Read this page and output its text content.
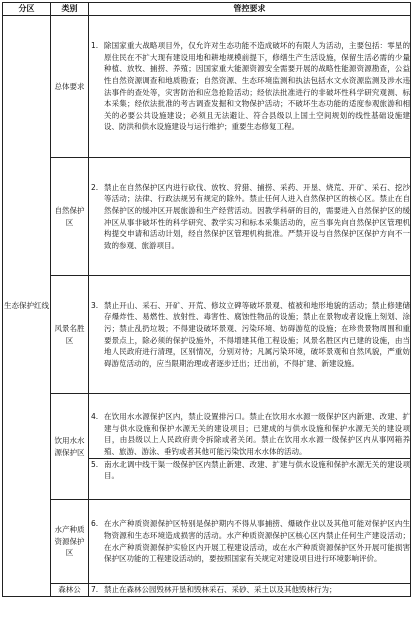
分区	类别	管控要求
生态保护红线	总体要求	1. 除国家重大战略项目外，仅允许对生态功能不造成破坏的有限人为活动，主要包括：零星的原住民在不扩大现有建设用地和耕地规模前提下，修缮生产生活设施，保留生活必需的少量种植、放牧、捕捞、养殖；因国家重大能源资源安全需要开展的战略性能源资源勘查，公益性自然资源调查和地质勘查；自然资源、生态环境监测和执法包括水文水资源监测及涉水违法事件的查处等，灾害防治和应急抢险活动；经依法批准进行的非破坏性科学研究观测、标本采集；经依法批准的考古调查发掘和文物保护活动；不破坏生态功能的适度参观旅游和相关的必要公共设施建设；必须且无法避让、符合县级以上国土空间规划的线性基础设施建设、防洪和供水设施建设与运行维护；重要生态修复工程。

	自然保护区	2. 禁止在自然保护区内进行砍伐、放牧、狩猎、捕捞、采药、开垦、烧荒、开矿、采石、挖沙等活动；法律、行政法规另有规定的除外。禁止任何人进入自然保护区的核心区。禁止在自然保护区的缓冲区开展旅游和生产经营活动。因教学科研的目的，需要进入自然保护区的缓冲区从事非破坏性的科学研究、教学实习和标本采集活动的，应当事先向自然保护区管理机构提交申请和活动计划，经自然保护区管理机构批准。严禁开设与自然保护区保护方向不一致的参观、旅游项目。

	风景名胜区	3. 禁止开山、采石、开矿、开荒、修坟立碑等破坏景观、植被和地形地貌的活动；禁止修建储存爆炸性、易燃性、放射性、毒害性、腐蚀性物品的设施；禁止在景物或者设施上刻划、涂污；禁止乱扔垃圾；不得建设破坏景观、污染环境、妨碍游览的设施；在珍贵景物周围和重要景点上，除必须的保护设施外，不得增建其他工程设施；风景名胜区内已建的设施，由当地人民政府进行清理，区别情况，分别对待；凡属污染环境，破坏景观和自然风貌，严重妨碍游览活动的，应当限期治理或者逐步迁出；迁出前，不得扩建、新建设施。

	饮用水水源保护区	4. 在饮用水水源保护区内，禁止设置排污口。禁止在饮用水水源一级保护区内新建、改建、扩建与供水设施和保护水源无关的建设项目；已建成的与供水设施和保护水源无关的建设项目，由县级以上人民政府责令拆除或者关闭。禁止在饮用水水源一级保护区内从事网箱养殖、旅游、游泳、垂钓或者其他可能污染饮用水水体的活动。
5. 南水北调中线干渠一级保护区内禁止新建、改建、扩建与供水设施和保护水源无关的建设项目。

	水产种质资源保护区	6. 在水产种质资源保护区特别是保护期内不得从事捕捞、爆破作业以及其他可能对保护区内生物资源和生态环境造成损害的活动。水产种质资源保护区核心区内禁止任何生产建设活动；在水产种质资源保护实验区内开展工程建设活动，或在水产种质资源保护区外开展可能损害保护区功能的工程建设活动的，要按照国家有关规定对建设项目进行环境影响评价。

	森林公	7. 禁止在森林公园毁林开垦和毁林采石、采砂、采土以及其他毁林行为；
